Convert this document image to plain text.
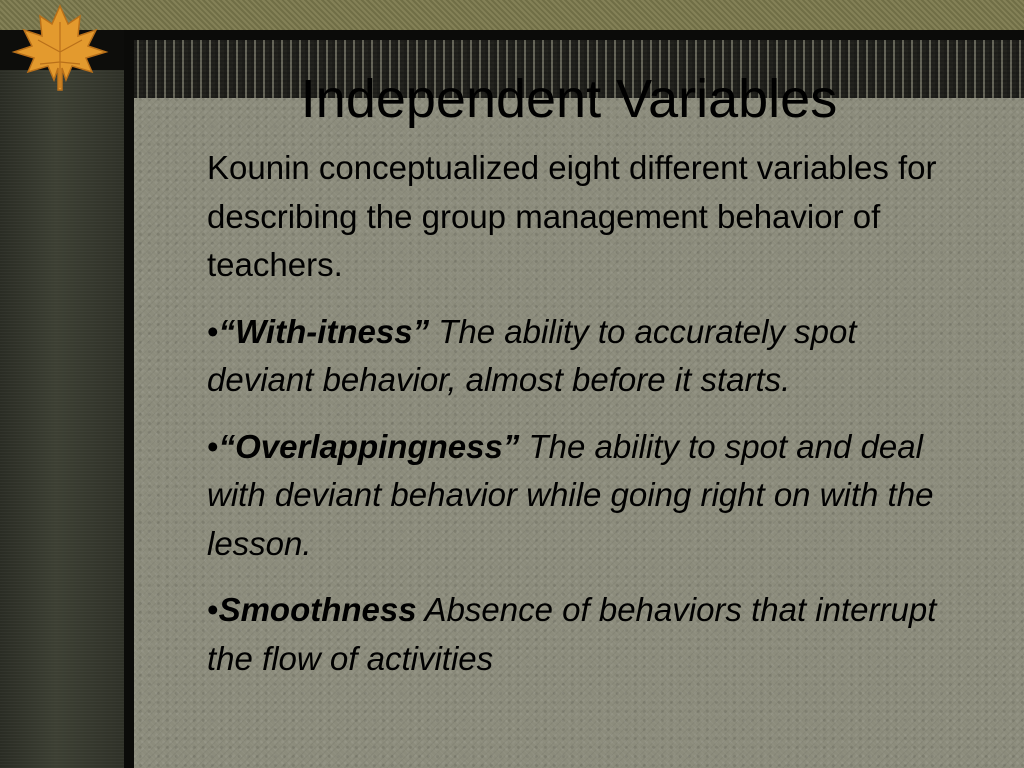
Independent Variables

Kounin conceptualized eight different variables for describing the group management behavior of teachers.

•“With-itness” The ability to accurately spot deviant behavior, almost before it starts.

•“Overlappingness” The ability to spot and deal with deviant behavior while going right on with the lesson.

•Smoothness Absence of behaviors that interrupt the flow of activities
